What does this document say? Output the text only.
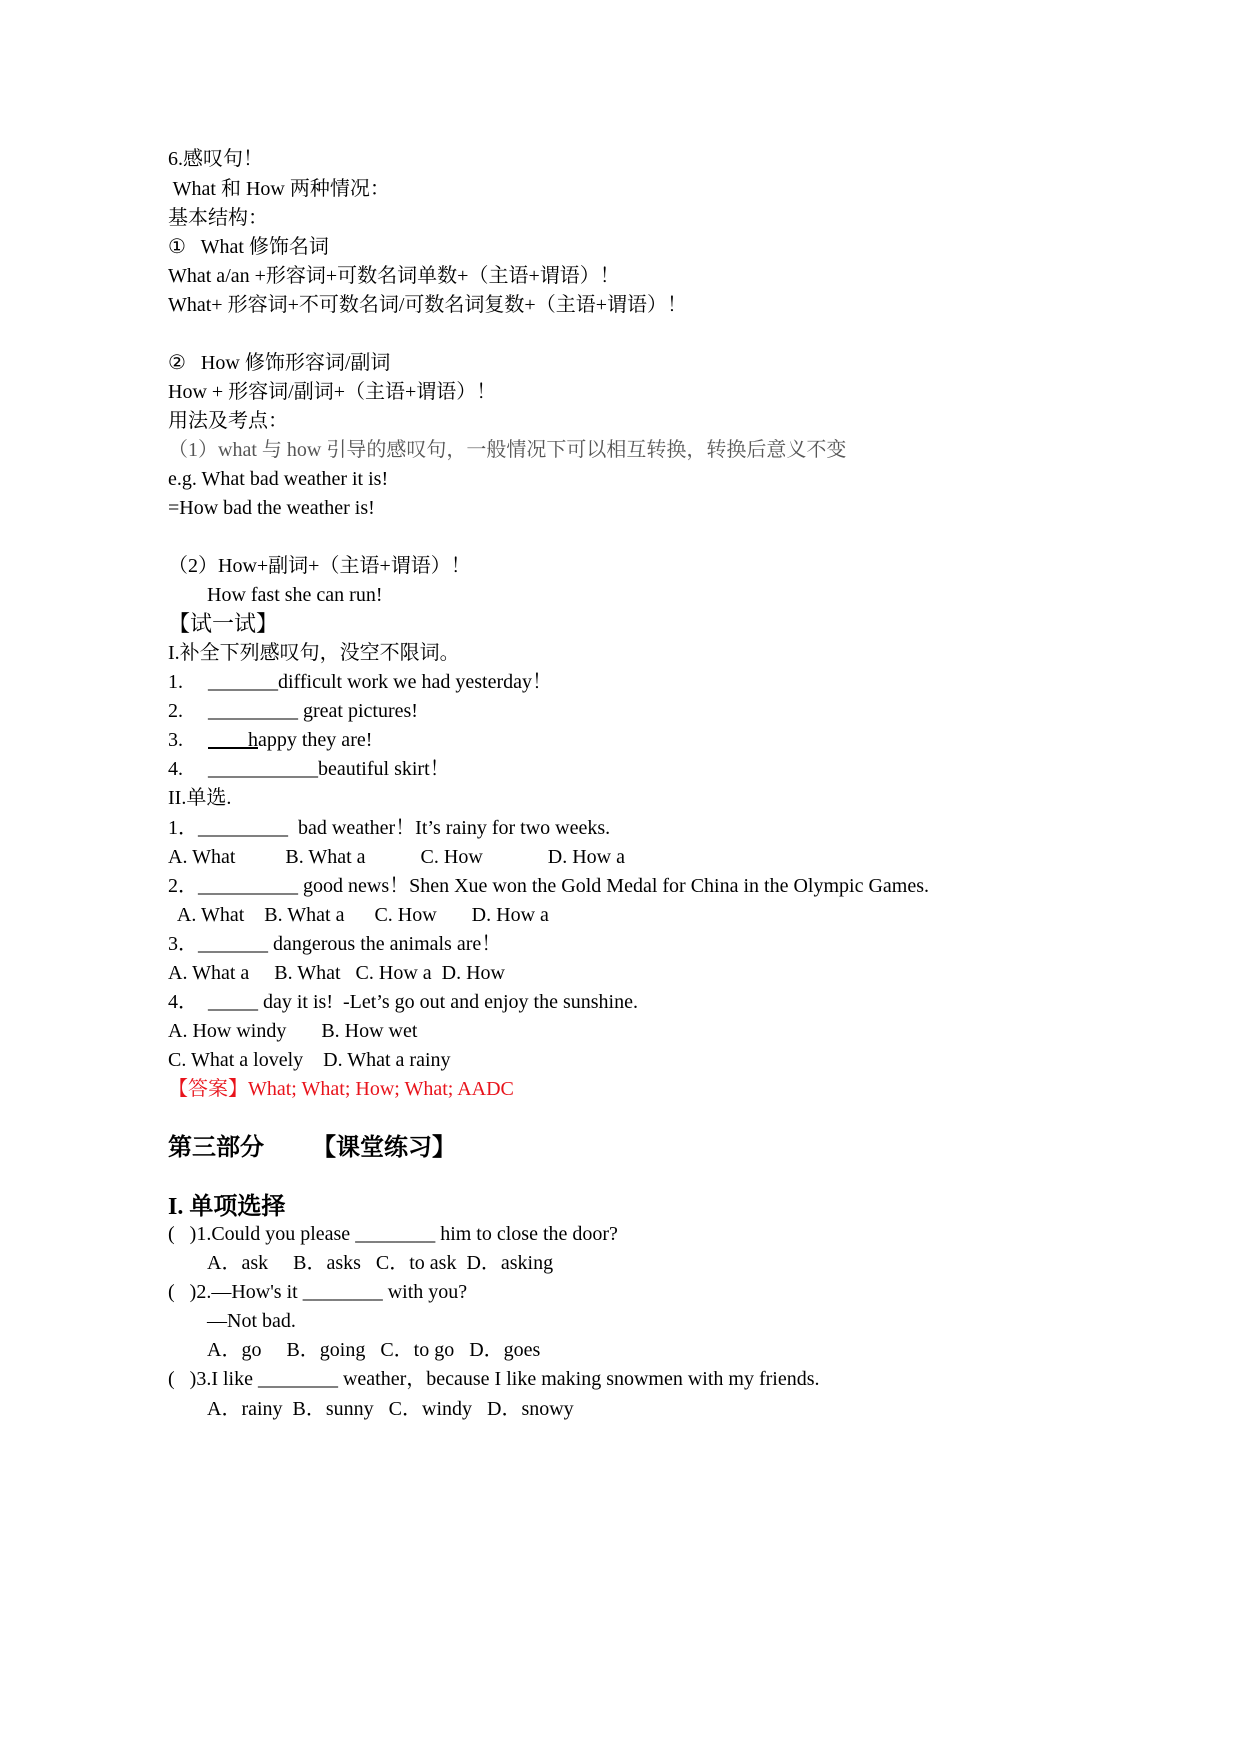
6.感叹句！
What 和 How 两种情况：
基本结构：
①   What 修饰名词
What a/an +形容词+可数名词单数+（主语+谓语）！
What+ 形容词+不可数名词/可数名词复数+（主语+谓语）！
②   How 修饰形容词/副词
How + 形容词/副词+（主语+谓语）！
用法及考点：
（1）what 与 how 引导的感叹句，一般情况下可以相互转换，转换后意义不变
e.g. What bad weather it is!
=How bad the weather is!
（2）How+副词+（主语+谓语）！
How fast she can run!
【试一试】
I.补全下列感叹句，没空不限词。
1.     _______difficult work we had yesterday！
2.     _________ great pictures!
3.             happy they are!
4.     ___________beautiful skirt！
II.单选.
1．_________  bad weather！It’s rainy for two weeks.
A. What          B. What a           C. How             D. How a
2．__________ good news！Shen Xue won the Gold Medal for China in the Olympic Games.
A. What    B. What a      C. How       D. How a
3．_______ dangerous the animals are！
A. What a     B. What   C. How a  D. How
4．  _____ day it is!  -Let’s go out and enjoy the sunshine.
A. How windy       B. How wet
C. What a lovely    D. What a rainy
【答案】What; What; How; What; AADC
第三部分        【课堂练习】
I. 单项选择
(   )1.Could you please ________ him to close the door?
A．ask     B．asks   C．to ask  D．asking
(   )2.—How's it ________ with you?
—Not bad.
A．go     B．going   C．to go   D．goes
(   )3.I like ________ weather，because I like making snowmen with my friends.
A．rainy  B．sunny   C．windy   D．snowy
